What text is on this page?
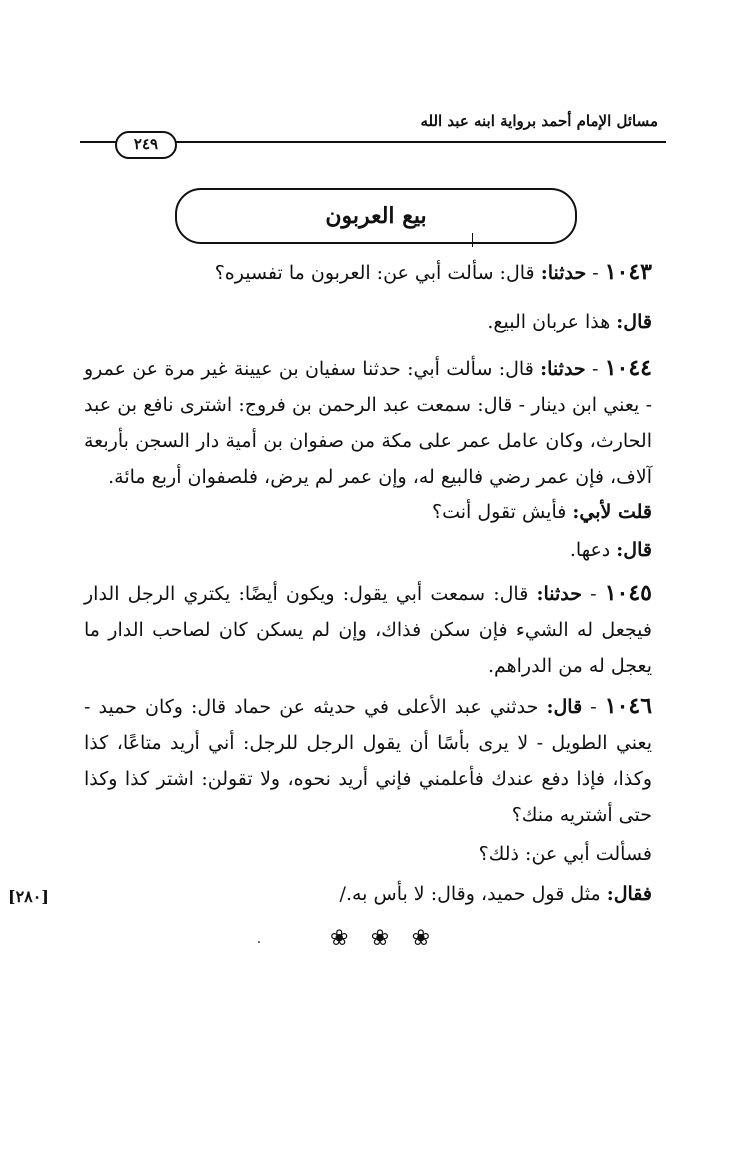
مسائل الإمام أحمد برواية ابنه عبد الله
٢٤٩
بيع العربون
١٠٤٣ - حدثنا: قال: سألت أبي عن: العربون ما تفسيره؟
قال: هذا عربان البيع.
١٠٤٤ - حدثنا: قال: سألت أبي: حدثنا سفيان بن عيينة غير مرة عن عمرو - يعني ابن دينار - قال: سمعت عبد الرحمن بن فروج: اشترى نافع بن عبد الحارث، وكان عامل عمر على مكة من صفوان بن أمية دار السجن بأربعة آلاف، فإن عمر رضي فالبيع له، وإن عمر لم يرض، فلصفوان أربع مائة.
قلت لأبي: فأيش تقول أنت؟
قال: دعها.
١٠٤٥ - حدثنا: قال: سمعت أبي يقول: ويكون أيضًا: يكتري الرجل الدار فيجعل له الشيء فإن سكن فذاك، وإن لم يسكن كان لصاحب الدار ما يعجل له من الدراهم.
١٠٤٦ - قال: حدثني عبد الأعلى في حديثه عن حماد قال: وكان حميد - يعني الطويل - لا يرى بأسًا أن يقول الرجل للرجل: أني أريد متاعًا، كذا وكذا، فإذا دفع عندك فأعلمني فإني أريد نحوه، ولا تقولن: اشتر كذا وكذا حتى أشتريه منك؟
فسألت أبي عن: ذلك؟
فقال: مثل قول حميد، وقال: لا بأس به./
[٢٨٠]
❀ ❀ ❀
